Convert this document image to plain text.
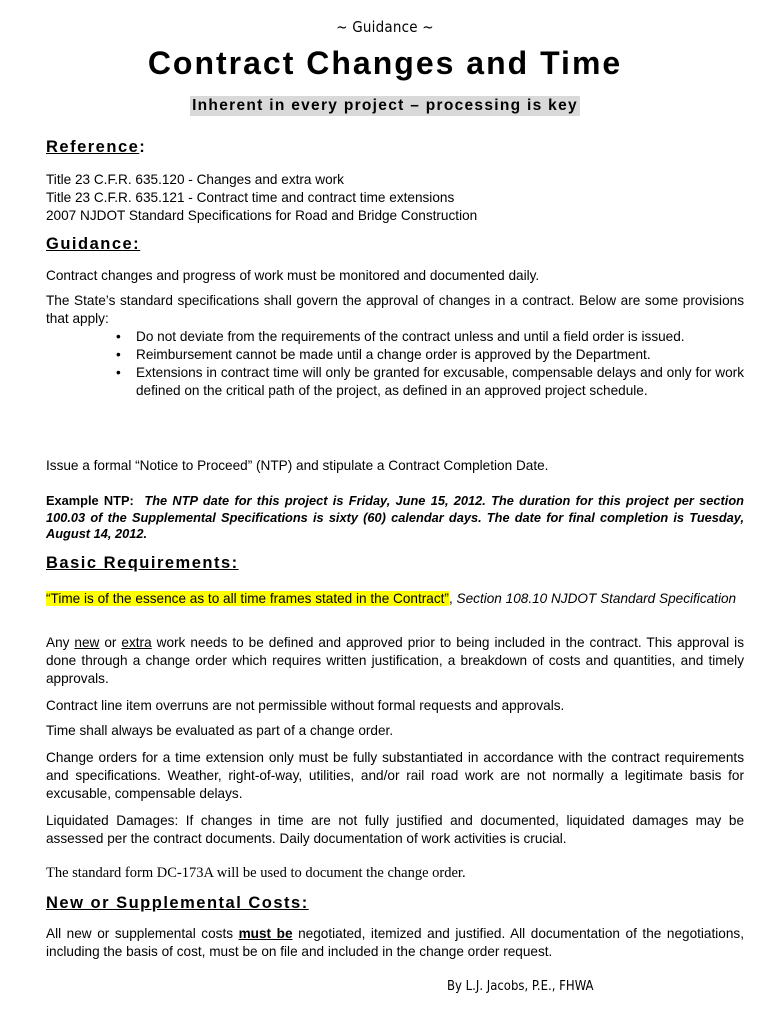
~ Guidance ~
Contract Changes and Time
Inherent in every project – processing is key
Reference:
Title 23 C.F.R. 635.120 - Changes and extra work
Title 23 C.F.R. 635.121 - Contract time and contract time extensions
2007 NJDOT Standard Specifications for Road and Bridge Construction
Guidance:

Contract changes and progress of work must be monitored and documented daily.

The State’s standard specifications shall govern the approval of changes in a contract. Below are some provisions that apply:

• Do not deviate from the requirements of the contract unless and until a field order is issued.
• Reimbursement cannot be made until a change order is approved by the Department.
• Extensions in contract time will only be granted for excusable, compensable delays and only for work defined on the critical path of the project, as defined in an approved project schedule.

Issue a formal “Notice to Proceed” (NTP) and stipulate a Contract Completion Date.

Example NTP: The NTP date for this project is Friday, June 15, 2012. The duration for this project per section 100.03 of the Supplemental Specifications is sixty (60) calendar days. The date for final completion is Tuesday, August 14, 2012.
Basic Requirements:

“Time is of the essence as to all time frames stated in the Contract”, Section 108.10 NJDOT Standard Specification

Any new or extra work needs to be defined and approved prior to being included in the contract. This approval is done through a change order which requires written justification, a breakdown of costs and quantities, and timely approvals.

Contract line item overruns are not permissible without formal requests and approvals.

Time shall always be evaluated as part of a change order.

Change orders for a time extension only must be fully substantiated in accordance with the contract requirements and specifications. Weather, right-of-way, utilities, and/or rail road work are not normally a legitimate basis for excusable, compensable delays.

Liquidated Damages: If changes in time are not fully justified and documented, liquidated damages may be assessed per the contract documents. Daily documentation of work activities is crucial.

The standard form DC-173A will be used to document the change order.

New or Supplemental Costs:

All new or supplemental costs must be negotiated, itemized and justified. All documentation of the negotiations, including the basis of cost, must be on file and included in the change order request.

By L.J. Jacobs, P.E., FHWA
